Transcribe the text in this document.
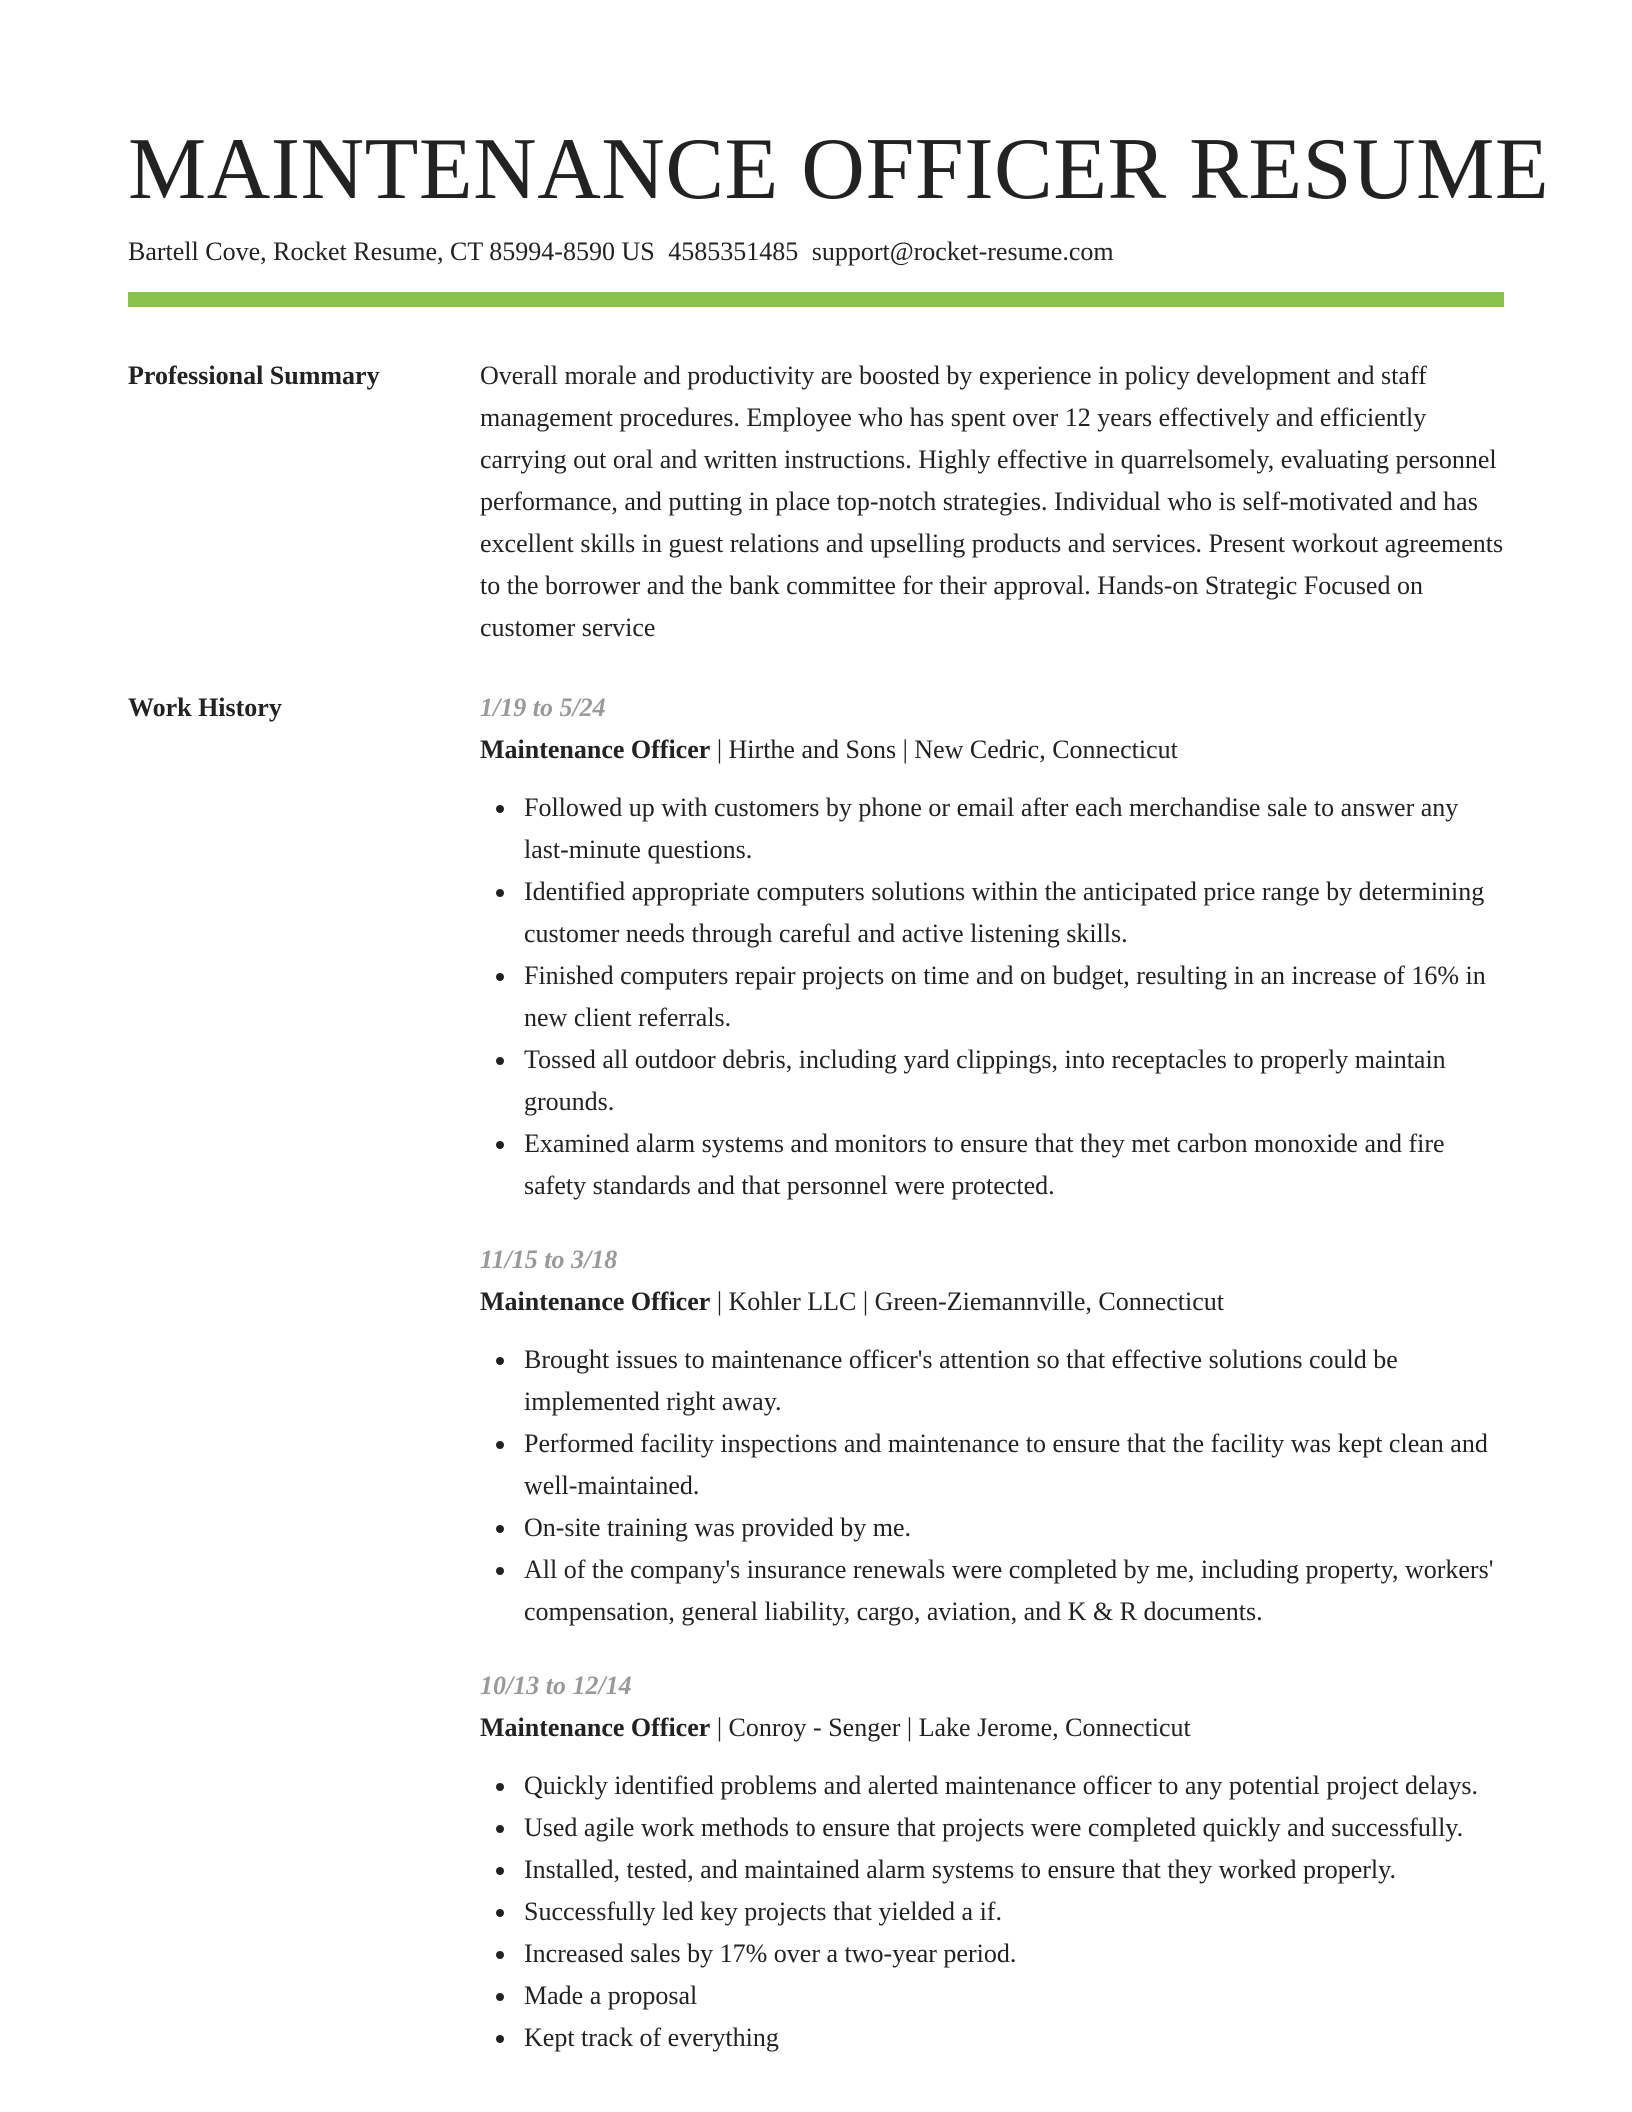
MAINTENANCE OFFICER RESUME
Bartell Cove, Rocket Resume, CT 85994-8590 US 4585351485 support@rocket-resume.com
Professional Summary	Overall morale and productivity are boosted by experience in policy development and staff management procedures. Employee who has spent over 12 years effectively and efficiently carrying out oral and written instructions. Highly effective in quarrelsomely, evaluating personnel performance, and putting in place top-notch strategies. Individual who is self-motivated and has excellent skills in guest relations and upselling products and services. Present workout agreements to the borrower and the bank committee for their approval. Hands-on Strategic Focused on customer service

Work History	1/19 to 5/24
Maintenance Officer | Hirthe and Sons | New Cedric, Connecticut
Followed up with customers by phone or email after each merchandise sale to answer any last-minute questions.
Identified appropriate computers solutions within the anticipated price range by determining customer needs through careful and active listening skills.
Finished computers repair projects on time and on budget, resulting in an increase of 16% in new client referrals.
Tossed all outdoor debris, including yard clippings, into receptacles to properly maintain grounds.
Examined alarm systems and monitors to ensure that they met carbon monoxide and fire safety standards and that personnel were protected.
11/15 to 3/18
Maintenance Officer | Kohler LLC | Green-Ziemannville, Connecticut
Brought issues to maintenance officer's attention so that effective solutions could be implemented right away.
Performed facility inspections and maintenance to ensure that the facility was kept clean and well-maintained.
On-site training was provided by me.
All of the company's insurance renewals were completed by me, including property, workers' compensation, general liability, cargo, aviation, and K & R documents.
10/13 to 12/14
Maintenance Officer | Conroy - Senger | Lake Jerome, Connecticut
Quickly identified problems and alerted maintenance officer to any potential project delays.
Used agile work methods to ensure that projects were completed quickly and successfully.
Installed, tested, and maintained alarm systems to ensure that they worked properly.
Successfully led key projects that yielded a if.
Increased sales by 17% over a two-year period.
Made a proposal
Kept track of everything
